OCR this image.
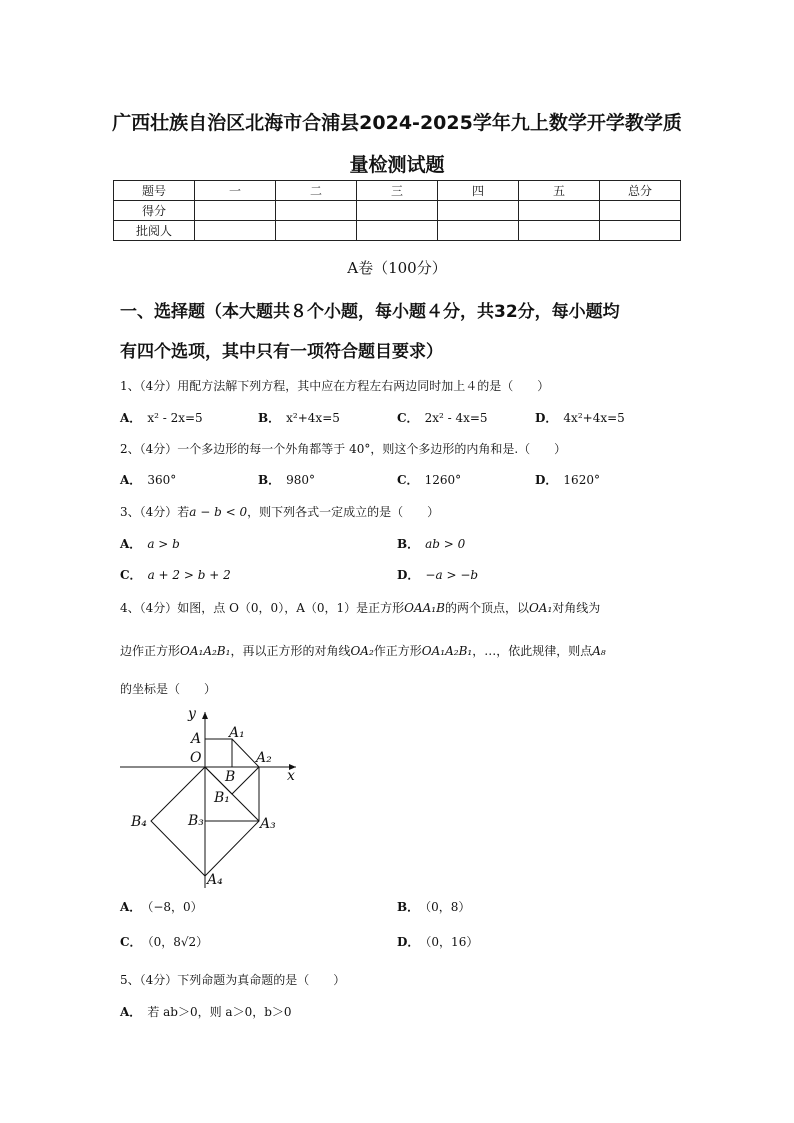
广西壮族自治区北海市合浦县2024-2025学年九上数学开学教学质
量检测试题
题号	一	二	三	四	五	总分
得分						
批阅人						
A卷（100分）
一、选择题（本大题共８个小题，每小题４分，共32分，每小题均
有四个选项，其中只有一项符合题目要求）
1、（4分）用配方法解下列方程，其中应在方程左右两边同时加上４的是（　　）
A． x² - 2x=5	B． x²+4x=5	C． 2x² - 4x=5	D． 4x²+4x=5
2、（4分）一个多边形的每一个外角都等于 40°，则这个多边形的内角和是.（　　）
A． 360°	B． 980°	C． 1260°	D． 1620°
3、（4分）若a − b < 0，则下列各式一定成立的是（　　）
A． a > b	B． ab > 0
C． a + 2 > b + 2	D． −a > −b
4、（4分）如图，点 O（0，0），A（0，1）是正方形OAA₁B的两个顶点，以OA₁对角线为
边作正方形OA₁A₂B₁，再以正方形的对角线OA₂作正方形OA₁A₂B₁，…，依此规律，则点A₈
的坐标是（　　）
y
x
A
O
B
A₁
A₂
B₁
B₃	A₃
B₄
A₄
A． （−8，0）	B． （0，8）
C． （0，8√2）	D． （0，16）
5、（4分）下列命题为真命题的是（　　）
A． 若 ab＞0，则 a＞0，b＞0
